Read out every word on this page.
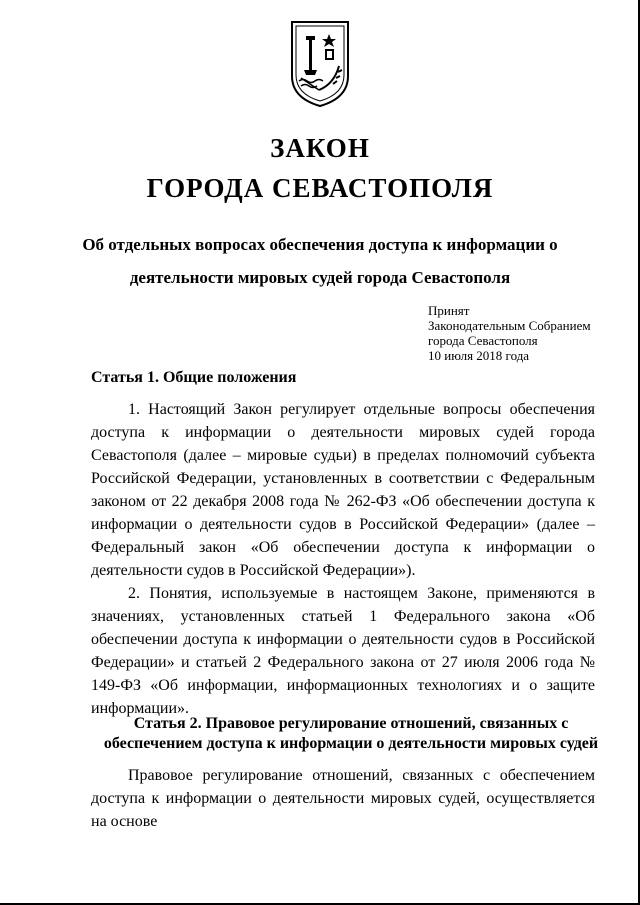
ЗАКОН
ГОРОДА СЕВАСТОПОЛЯ
Об отдельных вопросах обеспечения доступа к информации о деятельности мировых судей города Севастополя
Принят
Законодательным Собранием
города Севастополя
10 июля 2018 года
Статья 1. Общие положения
1. Настоящий Закон регулирует отдельные вопросы обеспечения доступа к информации о деятельности мировых судей города Севастополя (далее – мировые судьи) в пределах полномочий субъекта Российской Федерации, установленных в соответствии с Федеральным законом от 22 декабря 2008 года № 262-ФЗ «Об обеспечении доступа к информации о деятельности судов в Российской Федерации» (далее – Федеральный закон «Об обеспечении доступа к информации о деятельности судов в Российской Федерации»).
2. Понятия, используемые в настоящем Законе, применяются в значениях, установленных статьей 1 Федерального закона «Об обеспечении доступа к информации о деятельности судов в Российской Федерации» и статьей 2 Федерального закона от 27 июля 2006 года № 149-ФЗ «Об информации, информационных технологиях и о защите информации».
Статья 2. Правовое регулирование отношений, связанных с обеспечением доступа к информации о деятельности мировых судей
Правовое регулирование отношений, связанных с обеспечением доступа к информации о деятельности мировых судей, осуществляется на основе
